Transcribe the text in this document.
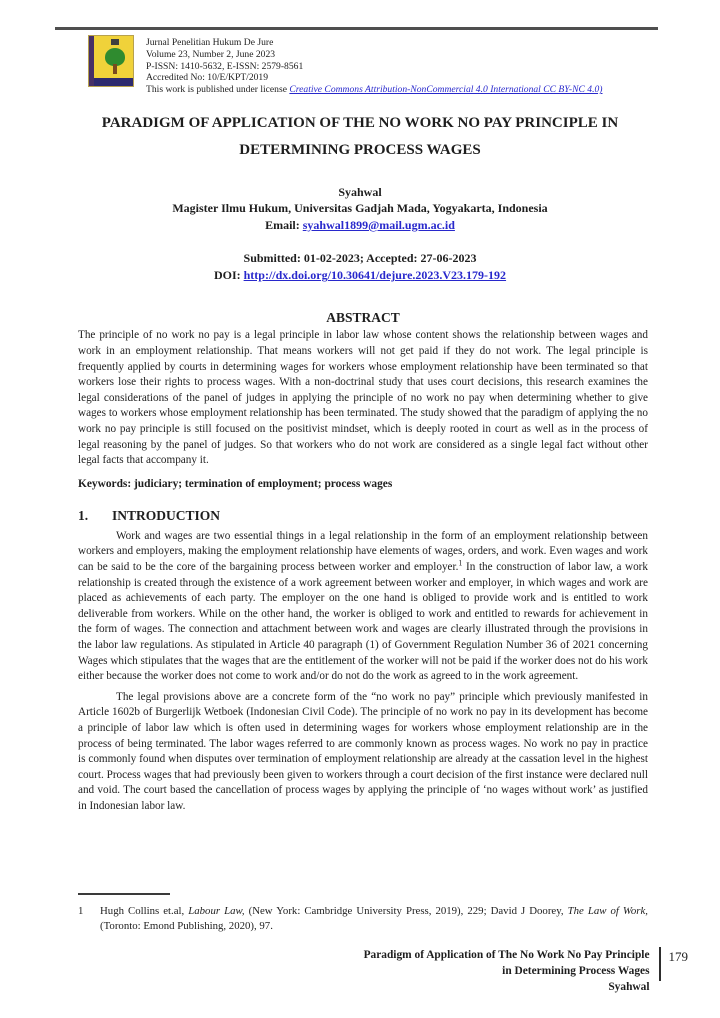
Jurnal Penelitian Hukum De Jure
Volume 23, Number 2, June 2023
P-ISSN: 1410-5632, E-ISSN: 2579-8561
Accredited No: 10/E/KPT/2019
This work is published under license Creative Commons Attribution-NonCommercial 4.0 International CC BY-NC 4.0)
PARADIGM OF APPLICATION OF THE NO WORK NO PAY PRINCIPLE IN DETERMINING PROCESS WAGES
Syahwal
Magister Ilmu Hukum, Universitas Gadjah Mada, Yogyakarta, Indonesia
Email: syahwal1899@mail.ugm.ac.id
Submitted: 01-02-2023; Accepted: 27-06-2023
DOI: http://dx.doi.org/10.30641/dejure.2023.V23.179-192
ABSTRACT

The principle of no work no pay is a legal principle in labor law whose content shows the relationship between wages and work in an employment relationship. That means workers will not get paid if they do not work. The legal principle is frequently applied by courts in determining wages for workers whose employment relationship have been terminated so that workers lose their rights to process wages. With a non-doctrinal study that uses court decisions, this research examines the legal considerations of the panel of judges in applying the principle of no work no pay when determining whether to give wages to workers whose employment relationship has been terminated. The study showed that the paradigm of applying the no work no pay principle is still focused on the positivist mindset, which is deeply rooted in court as well as in the process of legal reasoning by the panel of judges. So that workers who do not work are considered as a single legal fact without other legal facts that accompany it.

Keywords: judiciary; termination of employment; process wages

1. INTRODUCTION

Work and wages are two essential things in a legal relationship in the form of an employment relationship between workers and employers, making the employment relationship have elements of wages, orders, and work. Even wages and work can be said to be the core of the bargaining process between worker and employer.$^1$ In the construction of labor law, a work relationship is created through the existence of a work agreement between worker and employer, in which wages and work are placed as achievements of each party. The employer on the one hand is obliged to provide work and is entitled to work deliverable from workers. While on the other hand, the worker is obliged to work and entitled to rewards for achievement in the form of wages. The connection and attachment between work and wages are clearly illustrated through the provisions in the labor law regulations. As stipulated in Article 40 paragraph (1) of Government Regulation Number 36 of 2021 concerning Wages which stipulates that the wages that are the entitlement of the worker will not be paid if the worker does not do his work either because the worker does not come to work and/or do not do the work as agreed to in the work agreement.

The legal provisions above are a concrete form of the “no work no pay” principle which previously manifested in Article 1602b of Burgerlijk Wetboek (Indonesian Civil Code). The principle of no work no pay in its development has become a principle of labor law which is often used in determining wages for workers whose employment relationship are in the process of being terminated. The labor wages referred to are commonly known as process wages. No work no pay in practice is commonly found when disputes over termination of employment relationship are already at the cassation level in the highest court. Process wages that had previously been given to workers through a court decision of the first instance were declared null and void. The court based the cancellation of process wages by applying the principle of ‘no wages without work’ as justified in Indonesian labor law.

1 Hugh Collins et.al, Labour Law, (New York: Cambridge University Press, 2019), 229; David J Doorey, The Law of Work, (Toronto: Emond Publishing, 2020), 97.
Paradigm of Application of The No Work No Pay Principle
in Determining Process Wages
Syahwal
179
